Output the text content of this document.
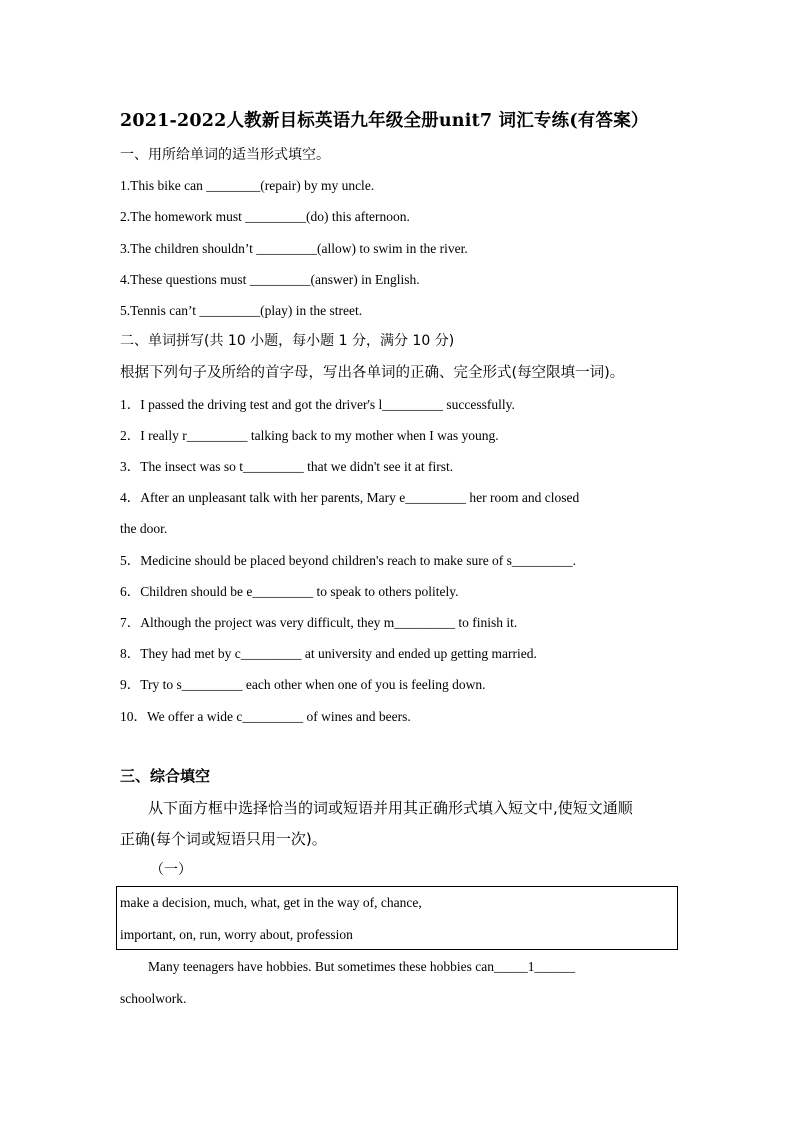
2021-2022人教新目标英语九年级全册unit7 词汇专练(有答案）
一、用所给单词的适当形式填空。
1.This bike can ________(repair) by my uncle.
2.The homework must _________(do) this afternoon.
3.The children shouldn’t _________(allow) to swim in the river.
4.These questions must _________(answer) in English.
5.Tennis can’t _________(play) in the street.
二、单词拼写(共 10 小题，每小题 1 分，满分 10 分)
根据下列句子及所给的首字母，写出各单词的正确、完全形式(每空限填一词)。
1．I passed the driving test and got the driver's l_________ successfully.
2．I really r_________ talking back to my mother when I was young.
3．The insect was so t_________ that we didn't see it at first.
4．After an unpleasant talk with her parents, Mary e_________ her room and closed
the door.
5．Medicine should be placed beyond children's reach to make sure of s_________.
6．Children should be e_________ to speak to others politely.
7．Although the project was very difficult, they m_________ to finish it.
8．They had met by c_________ at university and ended up getting married.
9．Try to s_________ each other when one of you is feeling down.
10．We offer a wide c_________ of wines and beers.
三、综合填空
从下面方框中选择恰当的词或短语并用其正确形式填入短文中,使短文通顺
正确(每个词或短语只用一次)。
（一）
make a decision, much, what, get in the way of, chance,
important, on, run, worry about, profession
Many teenagers have hobbies. But sometimes these hobbies can_____1______
schoolwork.
